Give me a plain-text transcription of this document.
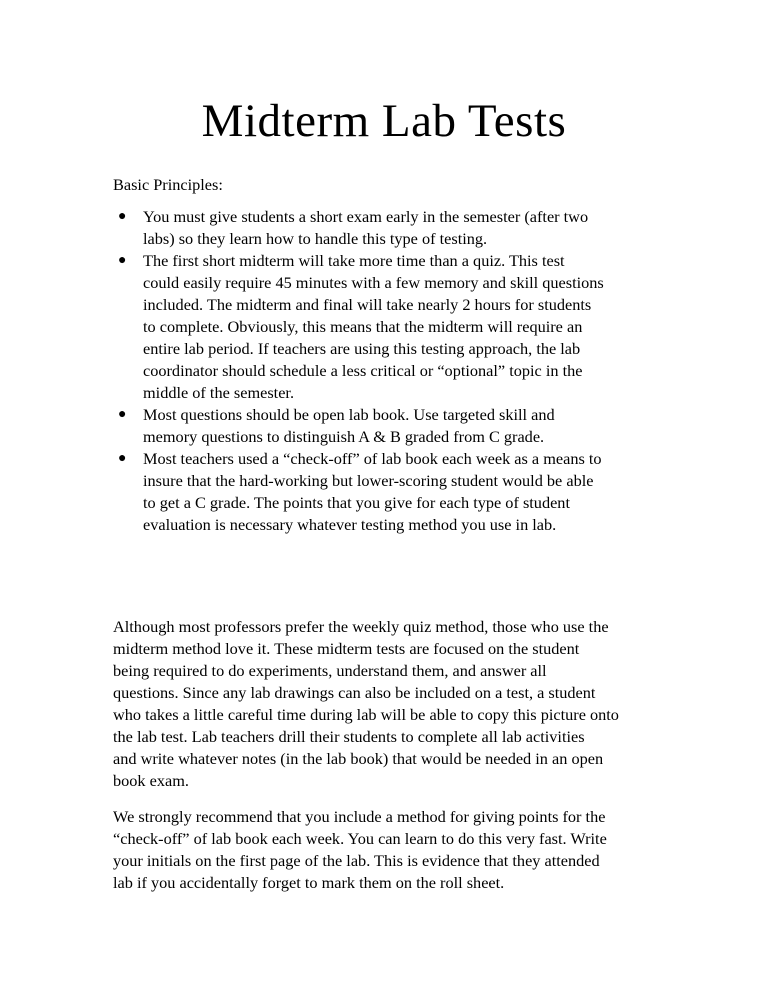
Midterm Lab Tests
Basic Principles:
● You must give students a short exam early in the semester (after two
labs) so they learn how to handle this type of testing.
● The first short midterm will take more time than a quiz. This test
could easily require 45 minutes with a few memory and skill questions
included. The midterm and final will take nearly 2 hours for students
to complete. Obviously, this means that the midterm will require an
entire lab period. If teachers are using this testing approach, the lab
coordinator should schedule a less critical or “optional” topic in the
middle of the semester.
● Most questions should be open lab book. Use targeted skill and
memory questions to distinguish A & B graded from C grade.
● Most teachers used a “check-off” of lab book each week as a means to
insure that the hard-working but lower-scoring student would be able
to get a C grade. The points that you give for each type of student
evaluation is necessary whatever testing method you use in lab.
Although most professors prefer the weekly quiz method, those who use the
midterm method love it. These midterm tests are focused on the student
being required to do experiments, understand them, and answer all
questions. Since any lab drawings can also be included on a test, a student
who takes a little careful time during lab will be able to copy this picture onto
the lab test. Lab teachers drill their students to complete all lab activities
and write whatever notes (in the lab book) that would be needed in an open
book exam.
We strongly recommend that you include a method for giving points for the
“check-off” of lab book each week. You can learn to do this very fast. Write
your initials on the first page of the lab. This is evidence that they attended
lab if you accidentally forget to mark them on the roll sheet.
